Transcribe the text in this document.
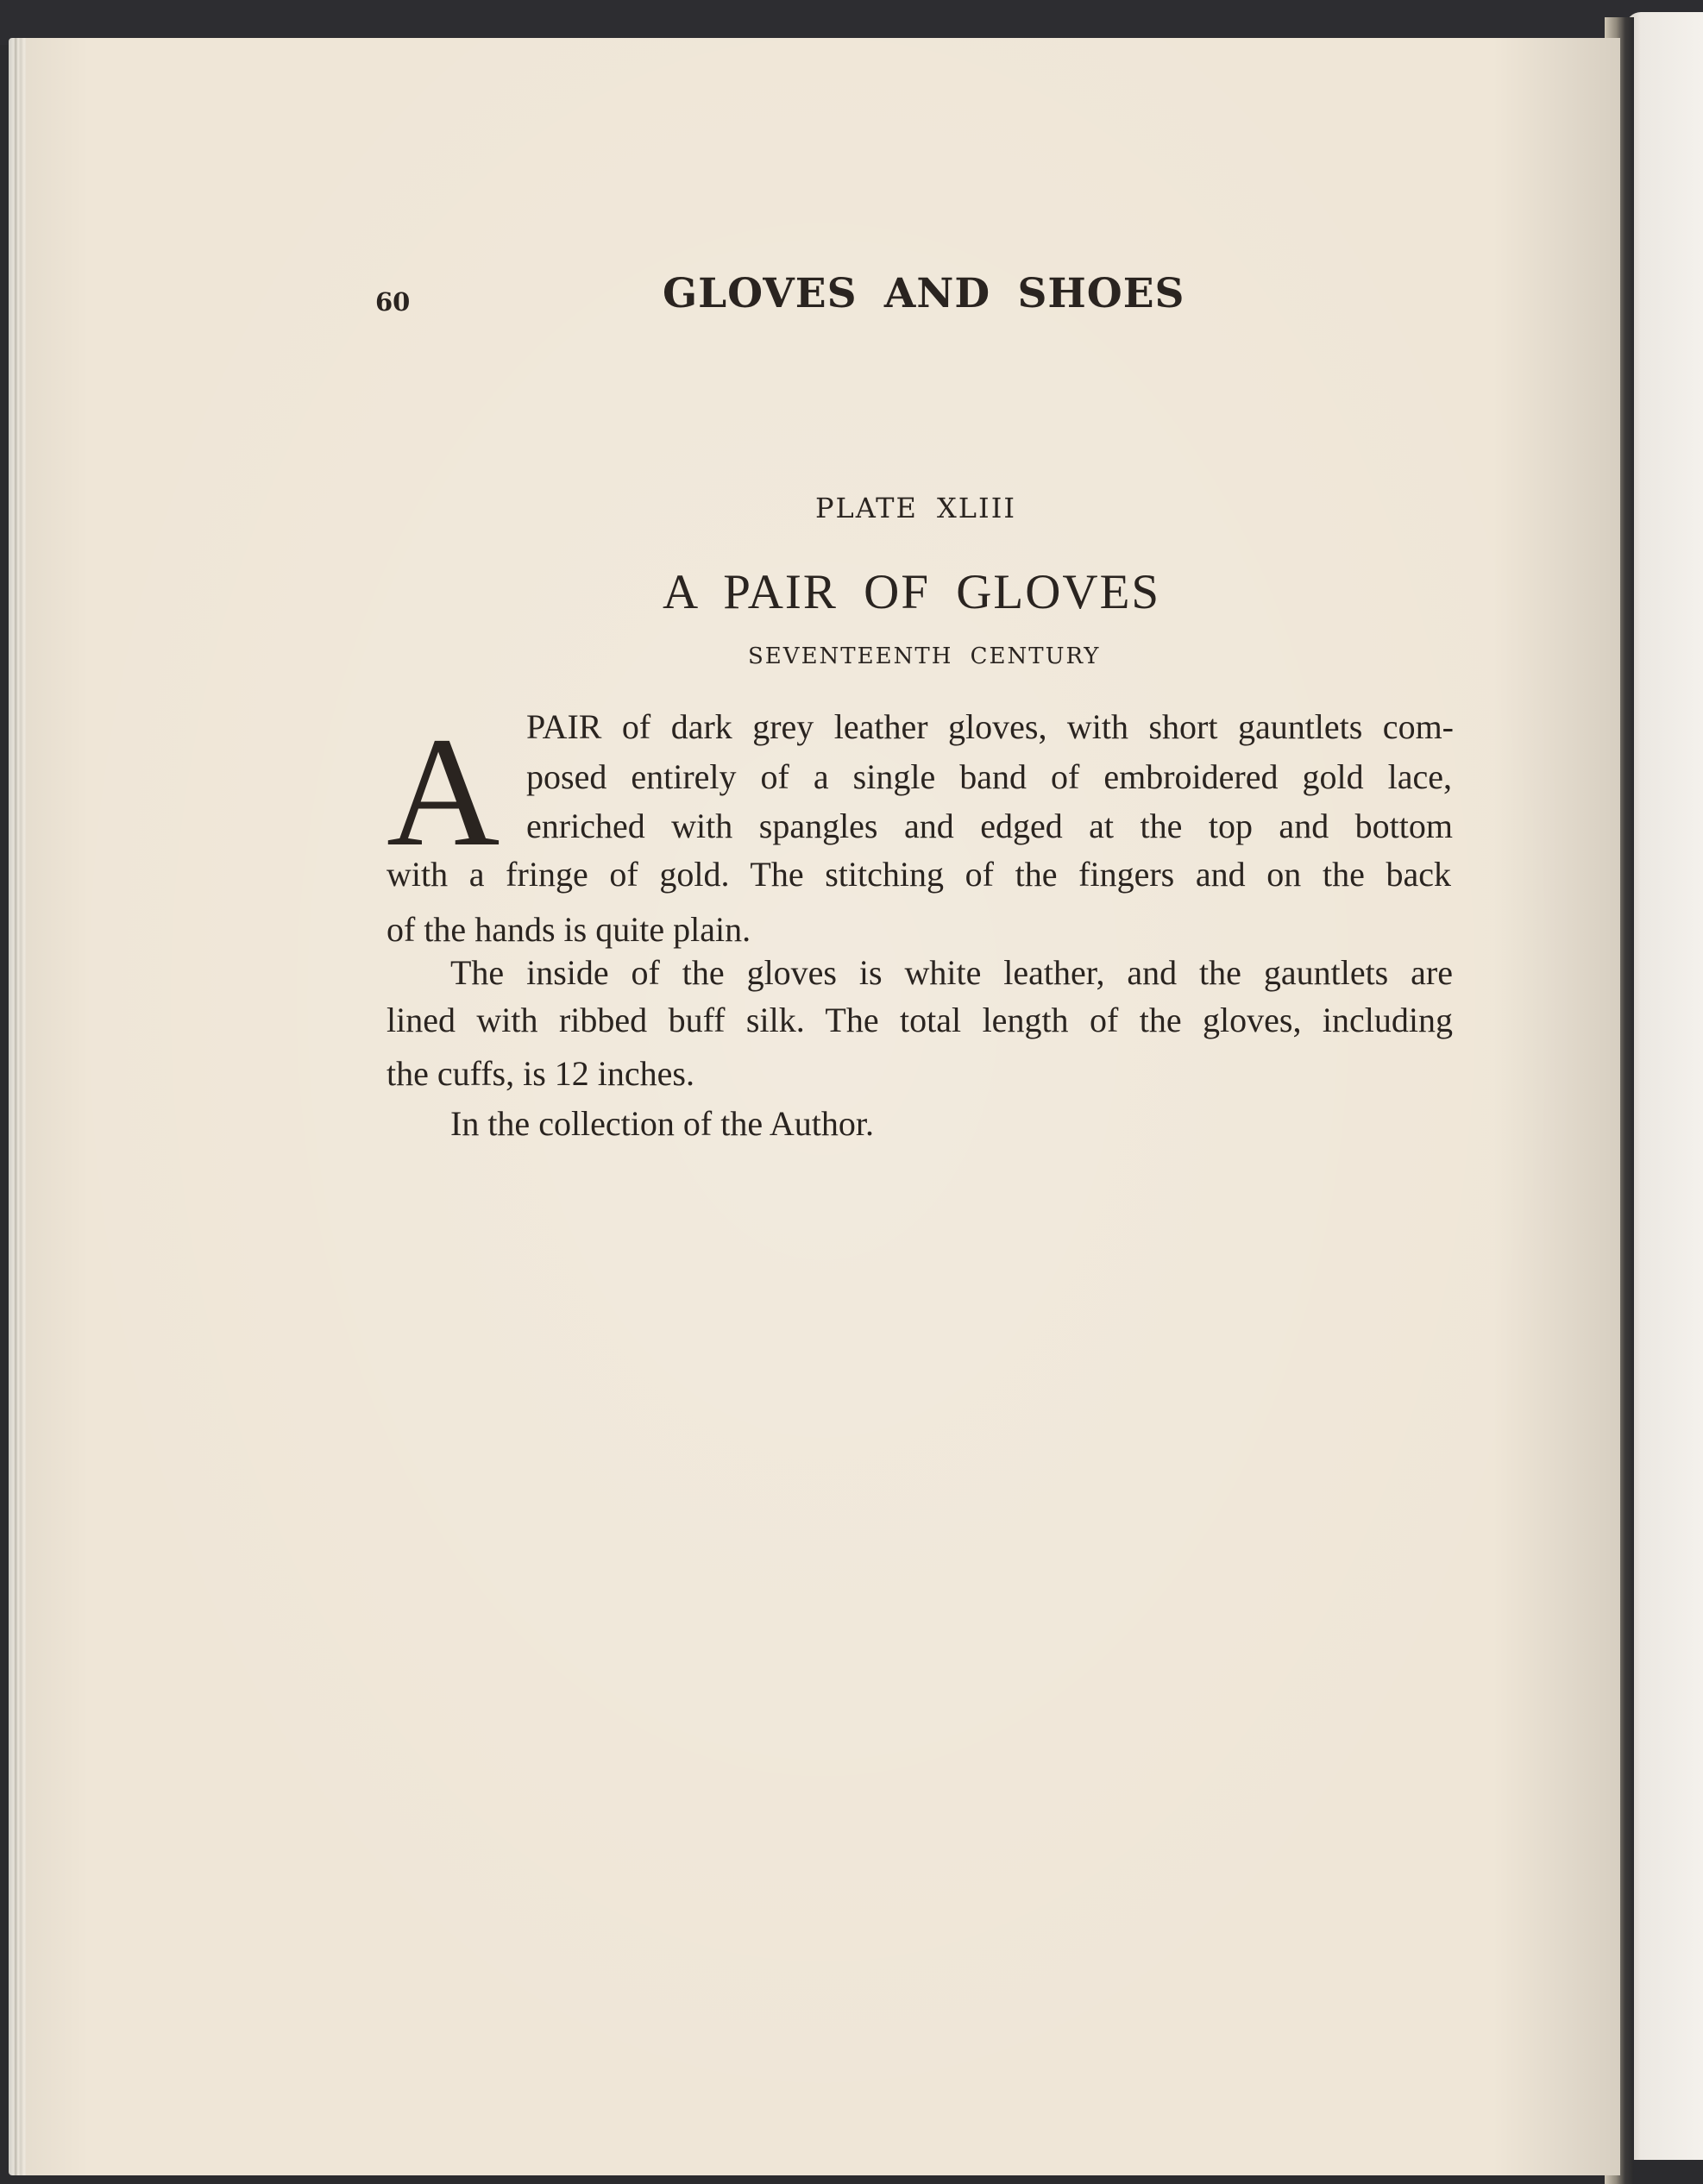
60	GLOVES AND SHOES
PLATE XLIII
A PAIR OF GLOVES
SEVENTEENTH CENTURY
A PAIR of dark grey leather gloves, with short gauntlets com-
posed entirely of a single band of embroidered gold lace,
enriched with spangles and edged at the top and bottom
with a fringe of gold. The stitching of the fingers and on the back
of the hands is quite plain.
The inside of the gloves is white leather, and the gauntlets are
lined with ribbed buff silk. The total length of the gloves, including
the cuffs, is 12 inches.
In the collection of the Author.
